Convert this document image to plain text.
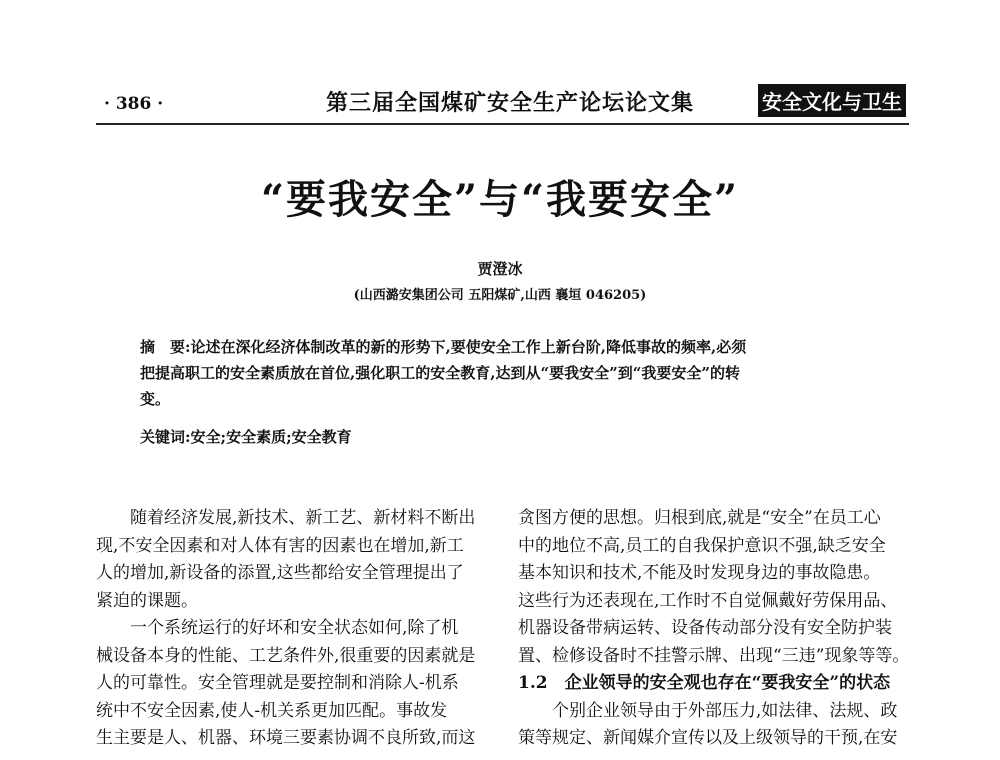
· 386 ·	第三届全国煤矿安全生产论坛论文集	安全文化与卫生
“要我安全”与“我要安全”
贾澄冰
(山西潞安集团公司 五阳煤矿,山西 襄垣 046205)

摘　要:论述在深化经济体制改革的新的形势下,要使安全工作上新台阶,降低事故的频率,必须
把提高职工的安全素质放在首位,强化职工的安全教育,达到从“要我安全”到“我要安全”的转
变。

关键词:安全;安全素质;安全教育
　　随着经济发展,新技术、新工艺、新材料不断出
现,不安全因素和对人体有害的因素也在增加,新工
人的增加,新设备的添置,这些都给安全管理提出了
紧迫的课题。
　　一个系统运行的好坏和安全状态如何,除了机
械设备本身的性能、工艺条件外,很重要的因素就是
人的可靠性。安全管理就是要控制和消除人-机系
统中不安全因素,使人-机关系更加匹配。事故发
生主要是人、机器、环境三要素协调不良所致,而这
贪图方便的思想。归根到底,就是“安全”在员工心
中的地位不高,员工的自我保护意识不强,缺乏安全
基本知识和技术,不能及时发现身边的事故隐患。
这些行为还表现在,工作时不自觉佩戴好劳保用品、
机器设备带病运转、设备传动部分没有安全防护装
置、检修设备时不挂警示牌、出现“三违”现象等等。
1.2　企业领导的安全观也存在“要我安全”的状态
　　个别企业领导由于外部压力,如法律、法规、政
策等规定、新闻媒介宣传以及上级领导的干预,在安
